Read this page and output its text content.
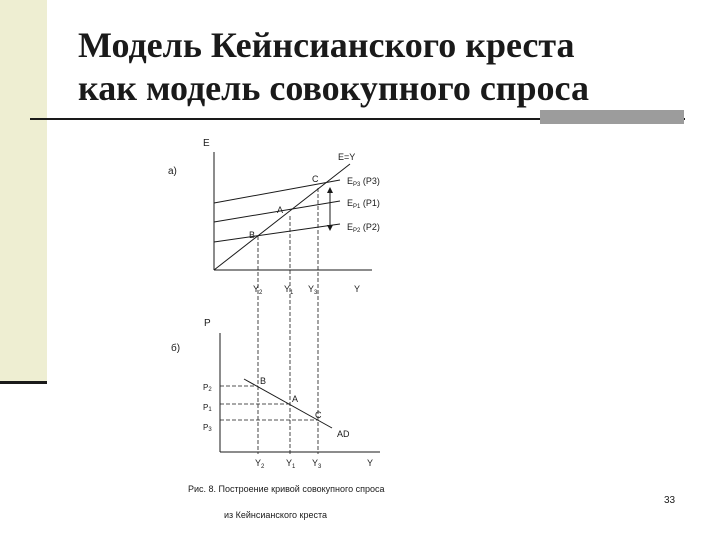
Модель Кейнсианского креста
как модель совокупного спроса
E
а)
E=Y
$E_{P3}$ (P3)
$E_{P1}$ (P1)
$E_{P2}$ (P2)
C
A
B
$Y_2$ $Y_1$ $Y_3$	Y
P
б)
AD
B
A
C
P2
P1
P3
$Y_2$ $Y_1$ $Y_3$	Y
Рис. 8. Построение кривой совокупного спроса
из Кейнсианского креста
33
